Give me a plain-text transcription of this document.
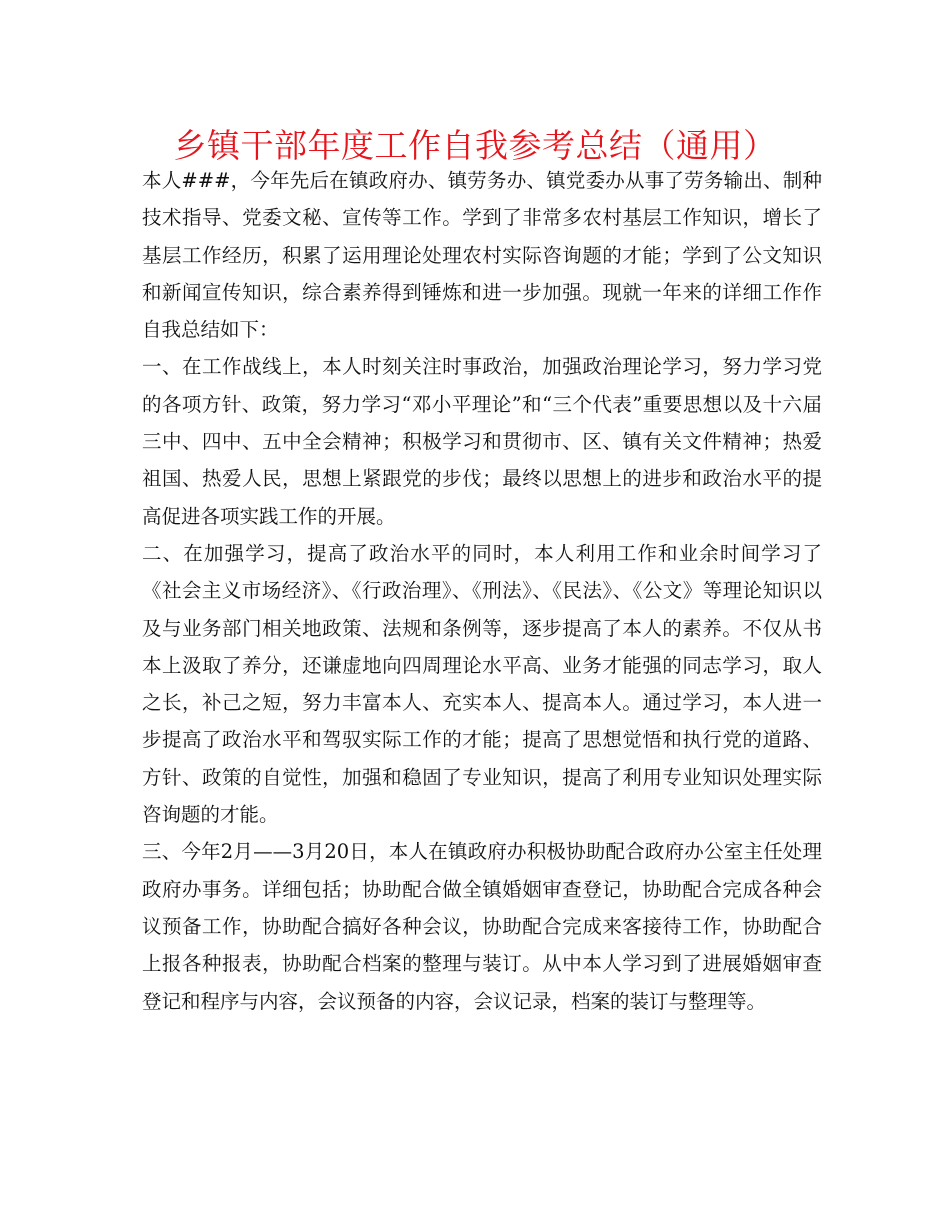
乡镇干部年度工作自我参考总结（通用）

本人###，今年先后在镇政府办、镇劳务办、镇党委办从事了劳务输出、制种技术指导、党委文秘、宣传等工作。学到了非常多农村基层工作知识，增长了基层工作经历，积累了运用理论处理农村实际咨询题的才能；学到了公文知识和新闻宣传知识，综合素养得到锤炼和进一步加强。现就一年来的详细工作作自我总结如下：

一、在工作战线上，本人时刻关注时事政治，加强政治理论学习，努力学习党的各项方针、政策，努力学习“邓小平理论”和“三个代表”重要思想以及十六届三中、四中、五中全会精神；积极学习和贯彻市、区、镇有关文件精神；热爱祖国、热爱人民，思想上紧跟党的步伐；最终以思想上的进步和政治水平的提高促进各项实践工作的开展。

二、在加强学习，提高了政治水平的同时，本人利用工作和业余时间学习了《社会主义市场经济》、《行政治理》、《刑法》、《民法》、《公文》等理论知识以及与业务部门相关地政策、法规和条例等，逐步提高了本人的素养。不仅从书本上汲取了养分，还谦虚地向四周理论水平高、业务才能强的同志学习，取人之长，补己之短，努力丰富本人、充实本人、提高本人。通过学习，本人进一步提高了政治水平和驾驭实际工作的才能；提高了思想觉悟和执行党的道路、方针、政策的自觉性，加强和稳固了专业知识，提高了利用专业知识处理实际咨询题的才能。

三、今年2月——3月20日，本人在镇政府办积极协助配合政府办公室主任处理政府办事务。详细包括；协助配合做全镇婚姻审查登记，协助配合完成各种会议预备工作，协助配合搞好各种会议，协助配合完成来客接待工作，协助配合上报各种报表，协助配合档案的整理与装订。从中本人学习到了进展婚姻审查登记和程序与内容，会议预备的内容，会议记录，档案的装订与整理等。
